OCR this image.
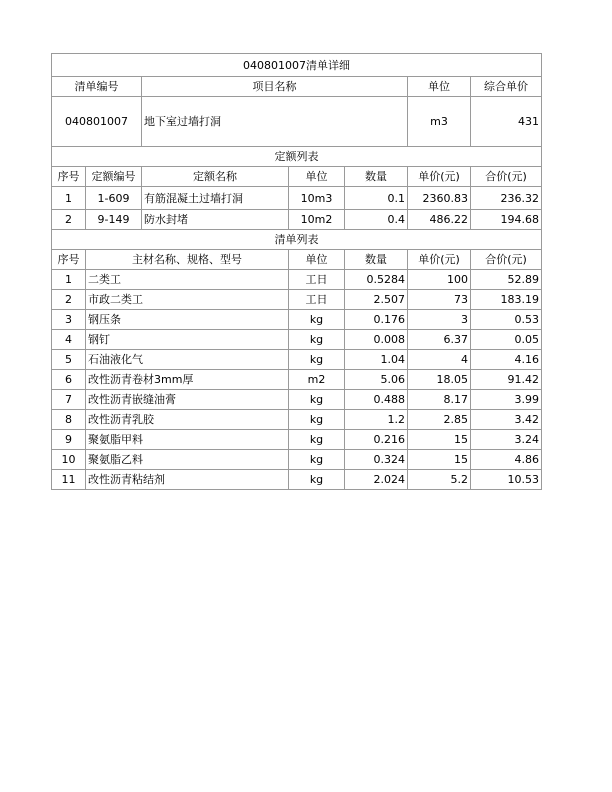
040801007清单详细						
清单编号		项目名称			单位	综合单价
040801007		地下室过墙打洞			m3	431
定额列表						
序号	定额编号	定额名称	单位	数量	单价(元)	合价(元)
1	1-609	有筋混凝土过墙打洞	10m3	0.1	2360.83	236.32
2	9-149	防水封堵	10m2	0.4	486.22	194.68
清单列表						
序号	主材名称、规格、型号		单位	数量	单价(元)	合价(元)
1	二类工		工日	0.5284	100	52.89
2	市政二类工		工日	2.507	73	183.19
3	钢压条		kg	0.176	3	0.53
4	钢钉		kg	0.008	6.37	0.05
5	石油液化气		kg	1.04	4	4.16
6	改性沥青卷材3mm厚		m2	5.06	18.05	91.42
7	改性沥青嵌缝油膏		kg	0.488	8.17	3.99
8	改性沥青乳胶		kg	1.2	2.85	3.42
9	聚氨脂甲料		kg	0.216	15	3.24
10	聚氨脂乙料		kg	0.324	15	4.86
11	改性沥青粘结剂		kg	2.024	5.2	10.53
